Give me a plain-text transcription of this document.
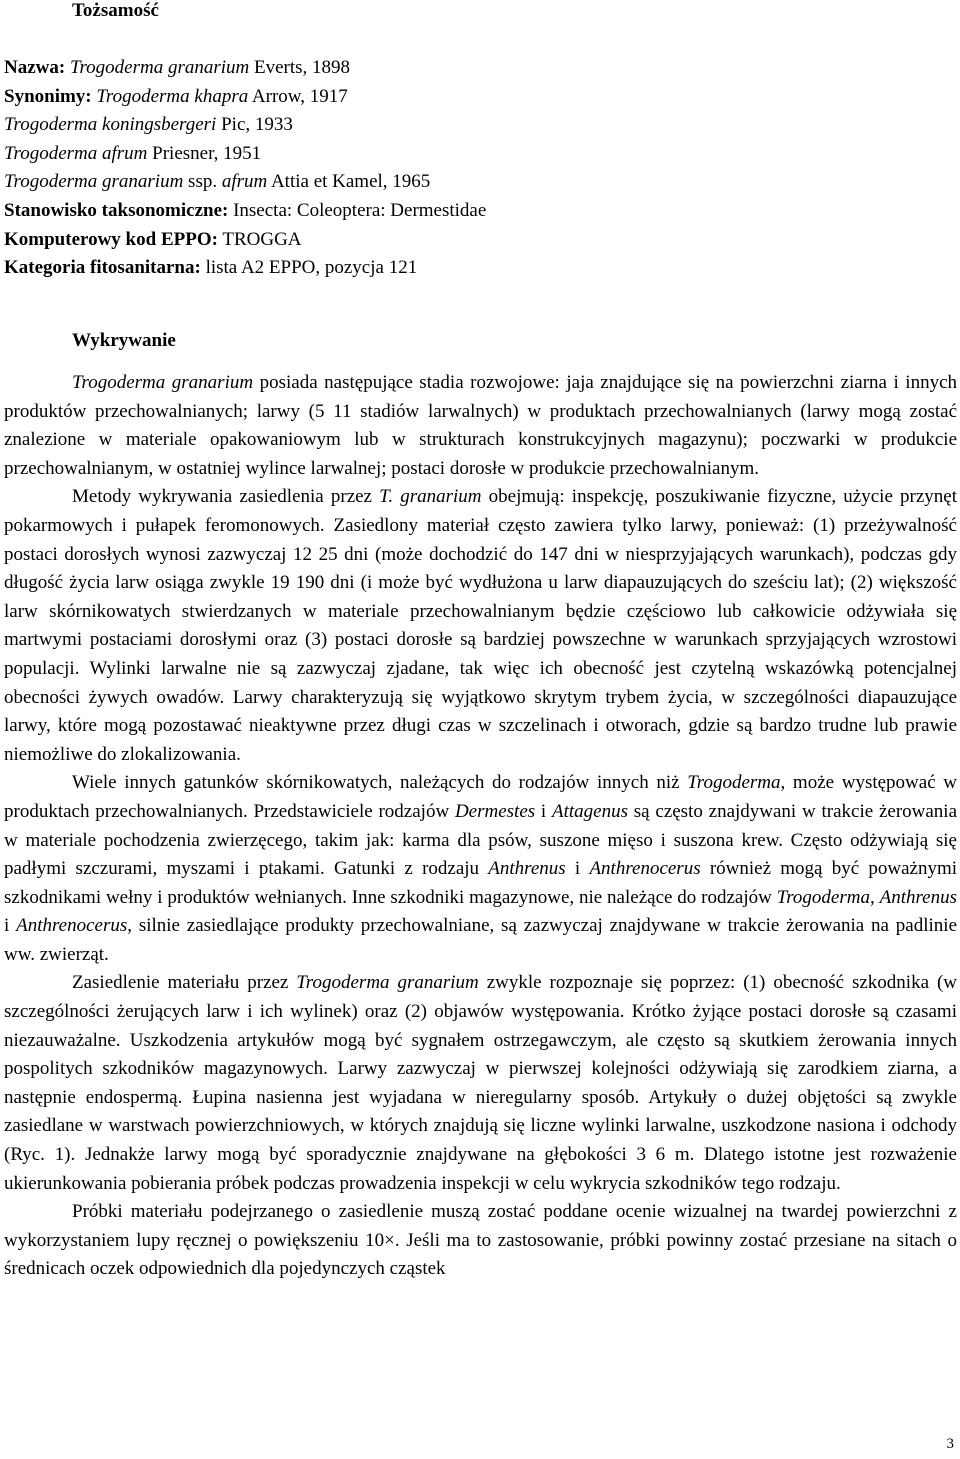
Tożsamość
Nazwa: Trogoderma granarium Everts, 1898
Synonimy: Trogoderma khapra Arrow, 1917
Trogoderma koningsbergeri Pic, 1933
Trogoderma afrum Priesner, 1951
Trogoderma granarium ssp. afrum Attia et Kamel, 1965
Stanowisko taksonomiczne: Insecta: Coleoptera: Dermestidae
Komputerowy kod EPPO: TROGGA
Kategoria fitosanitarna: lista A2 EPPO, pozycja 121
Wykrywanie

Trogoderma granarium posiada następujące stadia rozwojowe: jaja znajdujące się na powierzchni ziarna i innych produktów przechowalnianych; larwy (5 11 stadiów larwalnych) w produktach przechowalnianych (larwy mogą zostać znalezione w materiale opakowaniowym lub w strukturach konstrukcyjnych magazynu); poczwarki w produkcie przechowalnianym, w ostatniej wylince larwalnej; postaci dorosłe w produkcie przechowalnianym.

Metody wykrywania zasiedlenia przez T. granarium obejmują: inspekcję, poszukiwanie fizyczne, użycie przynęt pokarmowych i pułapek feromonowych. Zasiedlony materiał często zawiera tylko larwy, ponieważ: (1) przeżywalność postaci dorosłych wynosi zazwyczaj 12 25 dni (może dochodzić do 147 dni w niesprzyjających warunkach), podczas gdy długość życia larw osiąga zwykle 19 190 dni (i może być wydłużona u larw diapauzujących do sześciu lat); (2) większość larw skórnikowatych stwierdzanych w materiale przechowalnianym będzie częściowo lub całkowicie odżywiała się martwymi postaciami dorosłymi oraz (3) postaci dorosłe są bardziej powszechne w warunkach sprzyjających wzrostowi populacji. Wylinki larwalne nie są zazwyczaj zjadane, tak więc ich obecność jest czytelną wskazówką potencjalnej obecności żywych owadów. Larwy charakteryzują się wyjątkowo skrytym trybem życia, w szczególności diapauzujące larwy, które mogą pozostawać nieaktywne przez długi czas w szczelinach i otworach, gdzie są bardzo trudne lub prawie niemożliwe do zlokalizowania.

Wiele innych gatunków skórnikowatych, należących do rodzajów innych niż Trogoderma, może występować w produktach przechowalnianych. Przedstawiciele rodzajów Dermestes i Attagenus są często znajdywani w trakcie żerowania w materiale pochodzenia zwierzęcego, takim jak: karma dla psów, suszone mięso i suszona krew. Często odżywiają się padłymi szczurami, myszami i ptakami. Gatunki z rodzaju Anthrenus i Anthrenocerus również mogą być poważnymi szkodnikami wełny i produktów wełnianych. Inne szkodniki magazynowe, nie należące do rodzajów Trogoderma, Anthrenus i Anthrenocerus, silnie zasiedlające produkty przechowalniane, są zazwyczaj znajdywane w trakcie żerowania na padlinie ww. zwierząt.

Zasiedlenie materiału przez Trogoderma granarium zwykle rozpoznaje się poprzez: (1) obecność szkodnika (w szczególności żerujących larw i ich wylinek) oraz (2) objawów występowania. Krótko żyjące postaci dorosłe są czasami niezauważalne. Uszkodzenia artykułów mogą być sygnałem ostrzegawczym, ale często są skutkiem żerowania innych pospolitych szkodników magazynowych. Larwy zazwyczaj w pierwszej kolejności odżywiają się zarodkiem ziarna, a następnie endospermą. Łupina nasienna jest wyjadana w nieregularny sposób. Artykuły o dużej objętości są zwykle zasiedlane w warstwach powierzchniowych, w których znajdują się liczne wylinki larwalne, uszkodzone nasiona i odchody (Ryc. 1). Jednakże larwy mogą być sporadycznie znajdywane na głębokości 3 6 m. Dlatego istotne jest rozważenie ukierunkowania pobierania próbek podczas prowadzenia inspekcji w celu wykrycia szkodników tego rodzaju.

Próbki materiału podejrzanego o zasiedlenie muszą zostać poddane ocenie wizualnej na twardej powierzchni z wykorzystaniem lupy ręcznej o powiększeniu 10×. Jeśli ma to zastosowanie, próbki powinny zostać przesiane na sitach o średnicach oczek odpowiednich dla pojedynczych cząstek

3
